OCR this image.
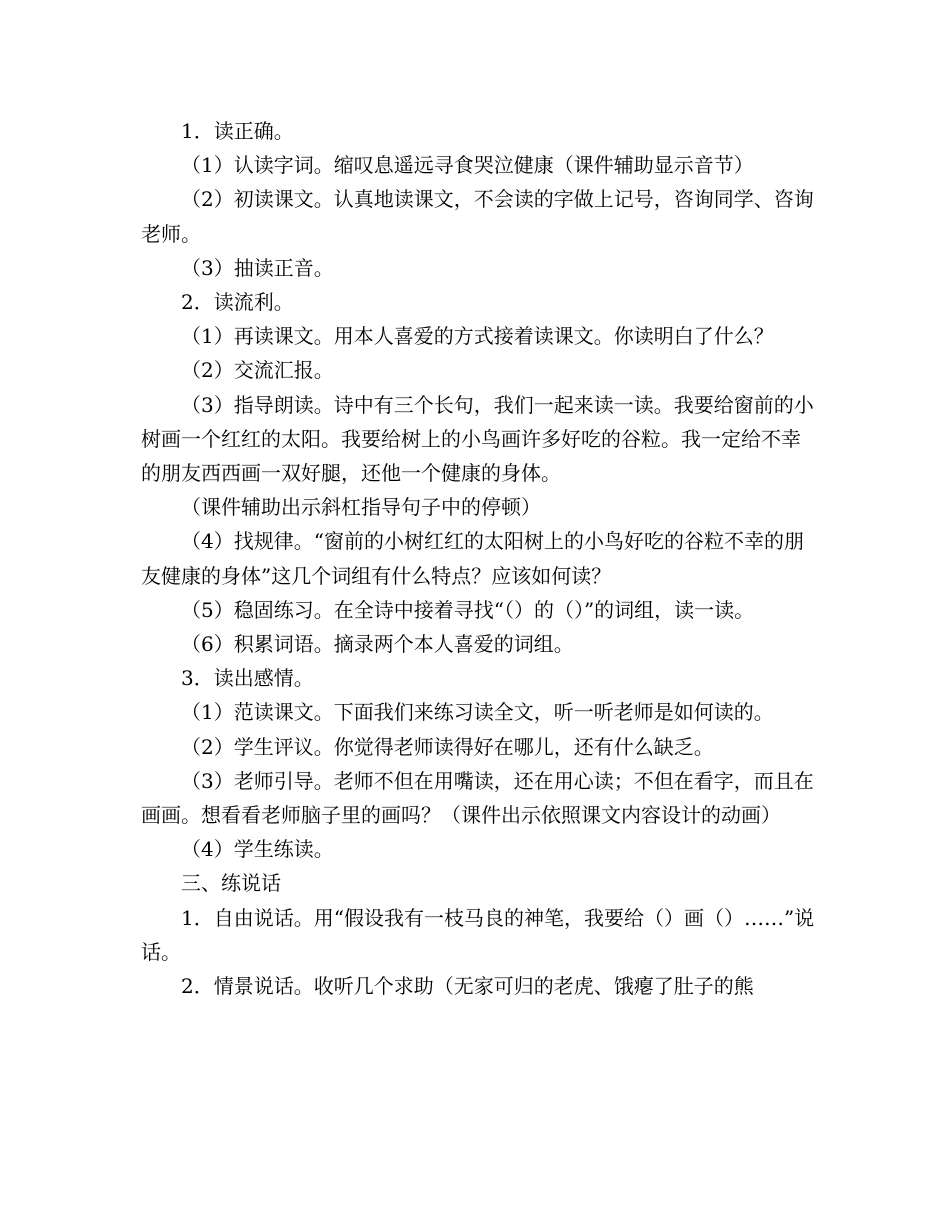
1．读正确。

（1）认读字词。缩叹息遥远寻食哭泣健康（课件辅助显示音节）

（2）初读课文。认真地读课文，不会读的字做上记号，咨询同学、咨询老师。

（3）抽读正音。

2．读流利。

（1）再读课文。用本人喜爱的方式接着读课文。你读明白了什么？

（2）交流汇报。

（3）指导朗读。诗中有三个长句，我们一起来读一读。我要给窗前的小树画一个红红的太阳。我要给树上的小鸟画许多好吃的谷粒。我一定给不幸的朋友西西画一双好腿，还他一个健康的身体。

（课件辅助出示斜杠指导句子中的停顿）

（4）找规律。“窗前的小树红红的太阳树上的小鸟好吃的谷粒不幸的朋友健康的身体”这几个词组有什么特点？应该如何读？

（5）稳固练习。在全诗中接着寻找“（）的（）”的词组，读一读。

（6）积累词语。摘录两个本人喜爱的词组。

3．读出感情。

（1）范读课文。下面我们来练习读全文，听一听老师是如何读的。

（2）学生评议。你觉得老师读得好在哪儿，还有什么缺乏。

（3）老师引导。老师不但在用嘴读，还在用心读；不但在看字，而且在画画。想看看老师脑子里的画吗？（课件出示依照课文内容设计的动画）

（4）学生练读。

三、练说话

1．自由说话。用“假设我有一枝马良的神笔，我要给（）画（）……”说话。

2．情景说话。收听几个求助（无家可归的老虎、饿瘪了肚子的熊
